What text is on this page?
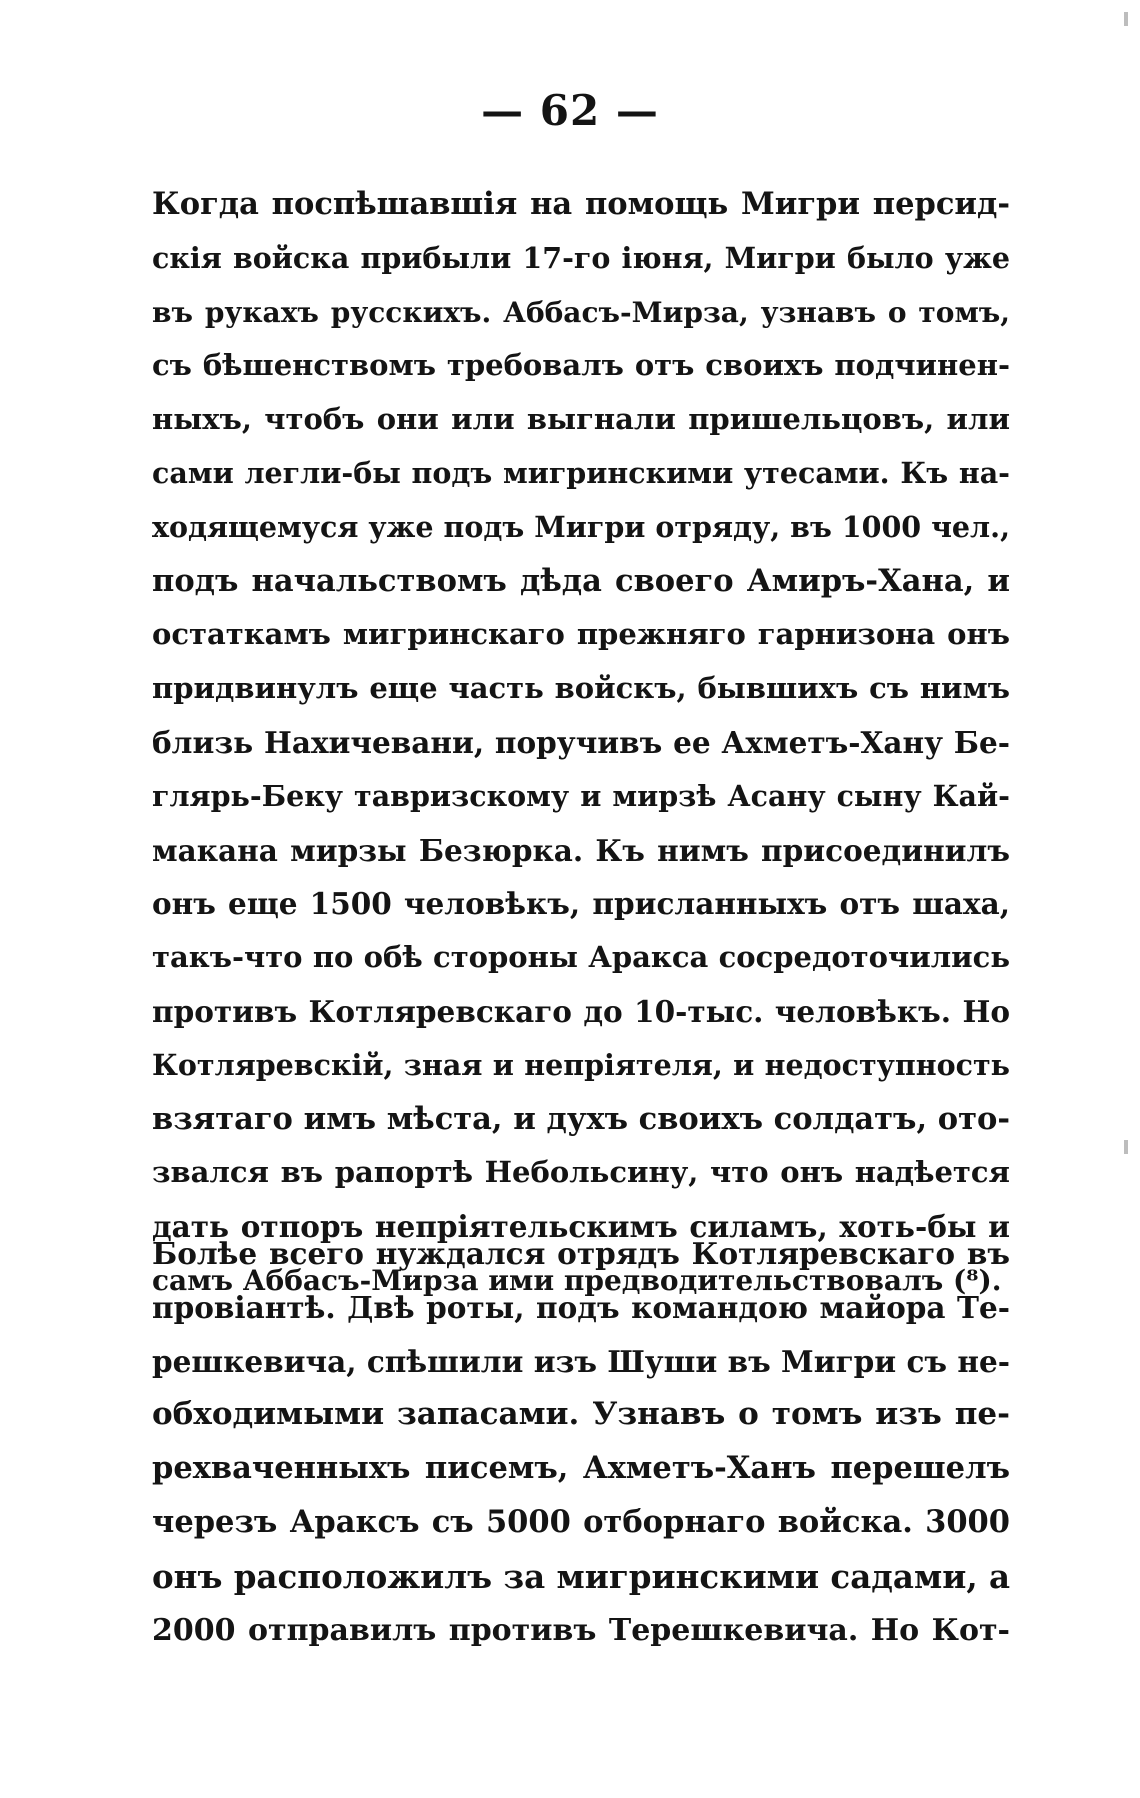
— 62 —
Когда поспѣшавшія на помощь Мигри персид-
скія войска прибыли 17-го іюня, Мигри было уже
въ рукахъ русскихъ. Аббасъ-Мирза, узнавъ о томъ,
съ бѣшенствомъ требовалъ отъ своихъ подчинен-
ныхъ, чтобъ они или выгнали пришельцовъ, или
сами легли-бы подъ мигринскими утесами. Къ на-
ходящемуся уже подъ Мигри отряду, въ 1000 чел.,
подъ начальствомъ дѣда своего Амиръ-Хана, и
остаткамъ мигринскаго прежняго гарнизона онъ
придвинулъ еще часть войскъ, бывшихъ съ нимъ
близь Нахичевани, поручивъ ее Ахметъ-Хану Бе-
глярь-Беку тавризскому и мирзѣ Асану сыну Кай-
макана мирзы Безюрка. Къ нимъ присоединилъ
онъ еще 1500 человѣкъ, присланныхъ отъ шаха,
такъ-что по обѣ стороны Аракса сосредоточились
противъ Котляревскаго до 10-тыс. человѣкъ. Но
Котляревскій, зная и непріятеля, и недоступность
взятаго имъ мѣста, и духъ своихъ солдатъ, ото-
звался въ рапортѣ Небольсину, что онъ надѣется
дать отпоръ непріятельскимъ силамъ, хоть-бы и
самъ Аббасъ-Мирза ими предводительствовалъ (⁸).
Болѣе всего нуждался отрядъ Котляревскаго въ
провіантѣ. Двѣ роты, подъ командою майора Те-
решкевича, спѣшили изъ Шуши въ Мигри съ не-
обходимыми запасами. Узнавъ о томъ изъ пе-
рехваченныхъ писемъ, Ахметъ-Ханъ перешелъ
черезъ Араксъ съ 5000 отборнаго войска. 3000
онъ расположилъ за мигринскими садами, а
2000 отправилъ противъ Терешкевича. Но Кот-
